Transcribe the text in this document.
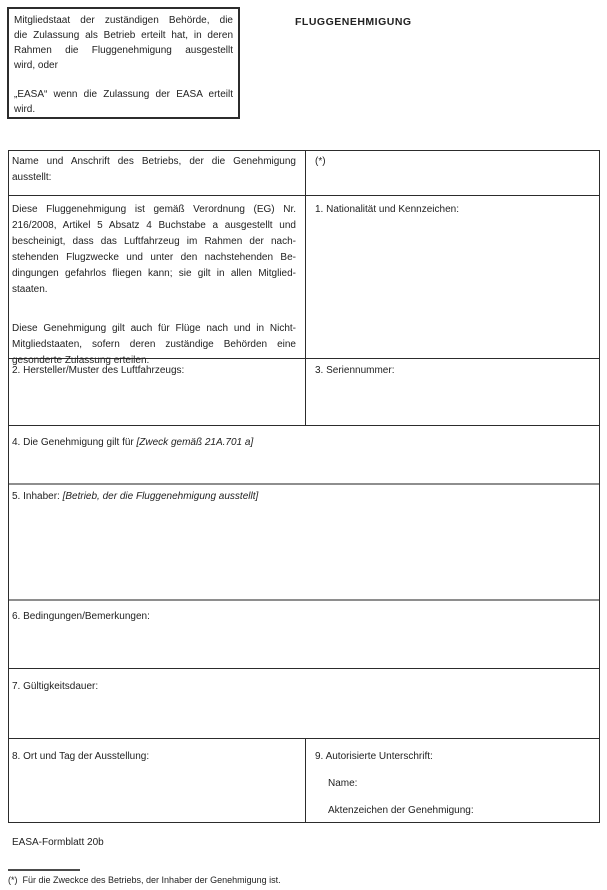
Mitgliedstaat der zuständigen Behörde, die
die Zulassung als Betrieb erteilt hat, in deren
Rahmen die Fluggenehmigung ausgestellt
wird, oder
„EASA“ wenn die Zulassung der EASA erteilt
wird.
FLUGGENEHMIGUNG
Name und Anschrift des Betriebs, der die Genehmigung
ausstellt:
(*)
Diese Fluggenehmigung ist gemäß Verordnung (EG) Nr.
216/2008, Artikel 5 Absatz 4 Buchstabe a ausgestellt und
bescheinigt, dass das Luftfahrzeug im Rahmen der nach-
stehenden Flugzwecke und unter den nachstehenden Be-
dingungen gefahrlos fliegen kann; sie gilt in allen Mitglied-
staaten.
Diese Genehmigung gilt auch für Flüge nach und in Nicht-
Mitgliedstaaten, sofern deren zuständige Behörden eine
gesonderte Zulassung erteilen.
1. Nationalität und Kennzeichen:
2. Hersteller/Muster des Luftfahrzeugs:	3. Seriennummer:
4. Die Genehmigung gilt für [Zweck gemäß 21A.701 a]
5. Inhaber: [Betrieb, der die Fluggenehmigung ausstellt]
6. Bedingungen/Bemerkungen:
7. Gültigkeitsdauer:
8. Ort und Tag der Ausstellung:	9. Autorisierte Unterschrift:
Name:
Aktenzeichen der Genehmigung:
EASA-Formblatt 20b
(*)  Für die Zweckce des Betriebs, der Inhaber der Genehmigung ist.
